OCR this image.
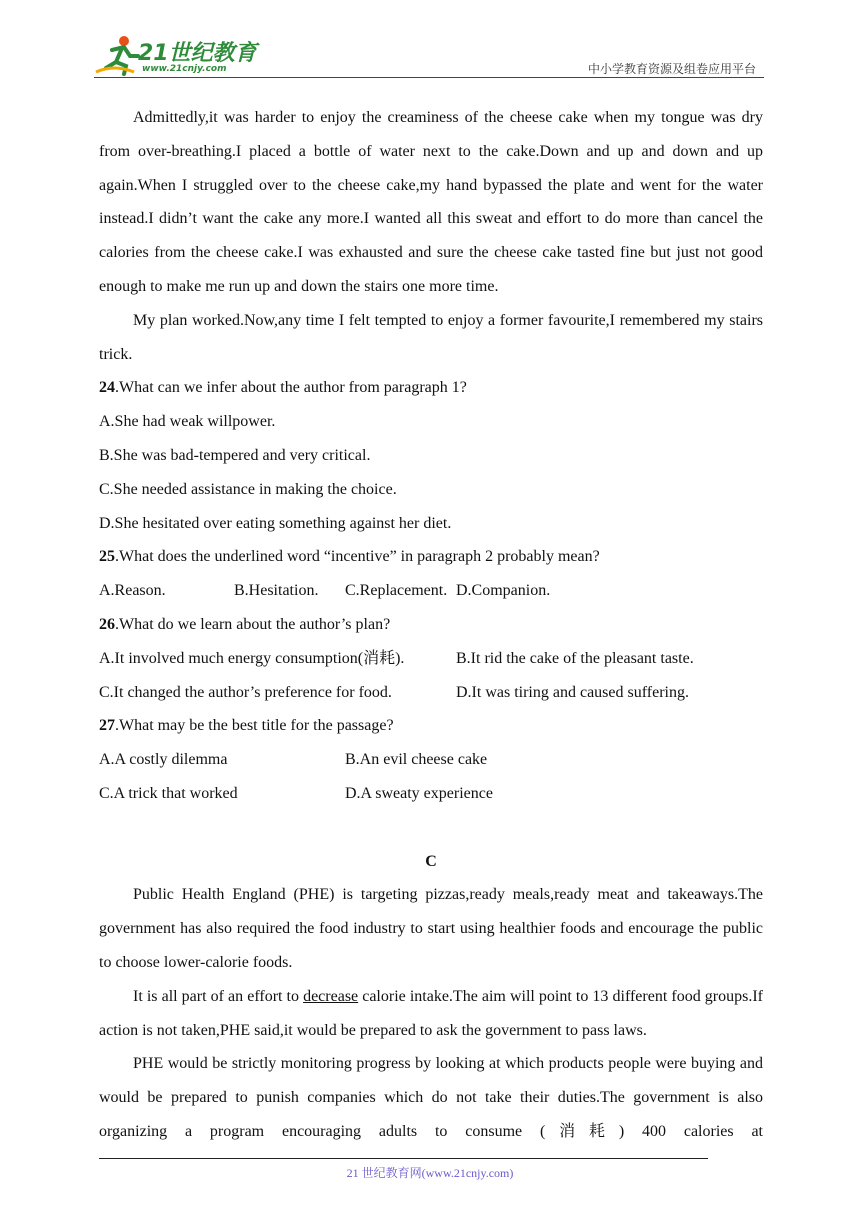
21世纪教育
www.21cnjy.com	中小学教育资源及组卷应用平台

Admittedly,it was harder to enjoy the creaminess of the cheese cake when my tongue was dry from over-breathing.I placed a bottle of water next to the cake.Down and up and down and up again.When I struggled over to the cheese cake,my hand bypassed the plate and went for the water instead.I didn’t want the cake any more.I wanted all this sweat and effort to do more than cancel the calories from the cheese cake.I was exhausted and sure the cheese cake tasted fine but just not good enough to make me run up and down the stairs one more time.

My plan worked.Now,any time I felt tempted to enjoy a former favourite,I remembered my stairs trick.

24.What can we infer about the author from paragraph 1?
A.She had weak willpower.
B.She was bad-tempered and very critical.
C.She needed assistance in making the choice.
D.She hesitated over eating something against her diet.
25.What does the underlined word “incentive” in paragraph 2 probably mean?
A.Reason.	B.Hesitation. C.Replacement. D.Companion.
26.What do we learn about the author’s plan?
A.It involved much energy consumption(消耗).	B.It rid the cake of the pleasant taste.
C.It changed the author’s preference for food.	D.It was tiring and caused suffering.
27.What may be the best title for the passage?
A.A costly dilemma	B.An evil cheese cake
C.A trick that worked	D.A sweaty experience
C

Public Health England (PHE) is targeting pizzas,ready meals,ready meat and takeaways.The government has also required the food industry to start using healthier foods and encourage the public to choose lower-calorie foods.

It is all part of an effort to decrease calorie intake.The aim will point to 13 different food groups.If action is not taken,PHE said,it would be prepared to ask the government to pass laws.

PHE would be strictly monitoring progress by looking at which products people were buying and would be prepared to punish companies which do not take their duties.The government is also organizing a program encouraging adults to consume (消耗) 400 calories at

21 世纪教育网(www.21cnjy.com)
